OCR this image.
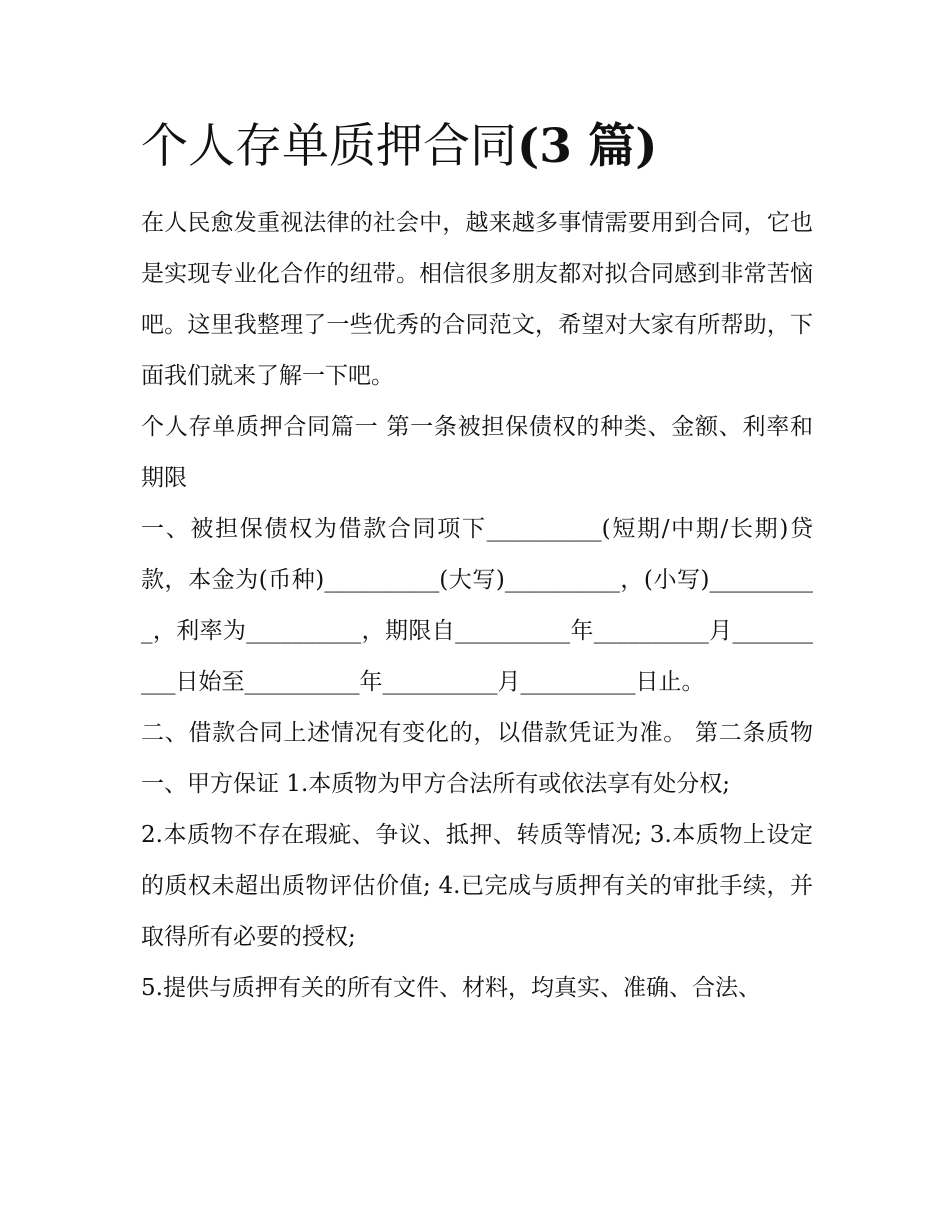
个人存单质押合同(3 篇)

在人民愈发重视法律的社会中，越来越多事情需要用到合同，它也是实现专业化合作的纽带。相信很多朋友都对拟合同感到非常苦恼吧。这里我整理了一些优秀的合同范文，希望对大家有所帮助，下面我们就来了解一下吧。

个人存单质押合同篇一 第一条被担保债权的种类、金额、利率和期限

一、被担保债权为借款合同项下__________(短期/中期/长期)贷款，本金为(币种)__________(大写)__________，(小写)__________，利率为__________，期限自__________年__________月__________日始至__________年__________月__________日止。

二、借款合同上述情况有变化的，以借款凭证为准。 第二条质物 一、甲方保证 1.本质物为甲方合法所有或依法享有处分权;

2.本质物不存在瑕疵、争议、抵押、转质等情况; 3.本质物上设定的质权未超出质物评估价值; 4.已完成与质押有关的审批手续，并取得所有必要的授权;

5.提供与质押有关的所有文件、材料，均真实、准确、合法、
